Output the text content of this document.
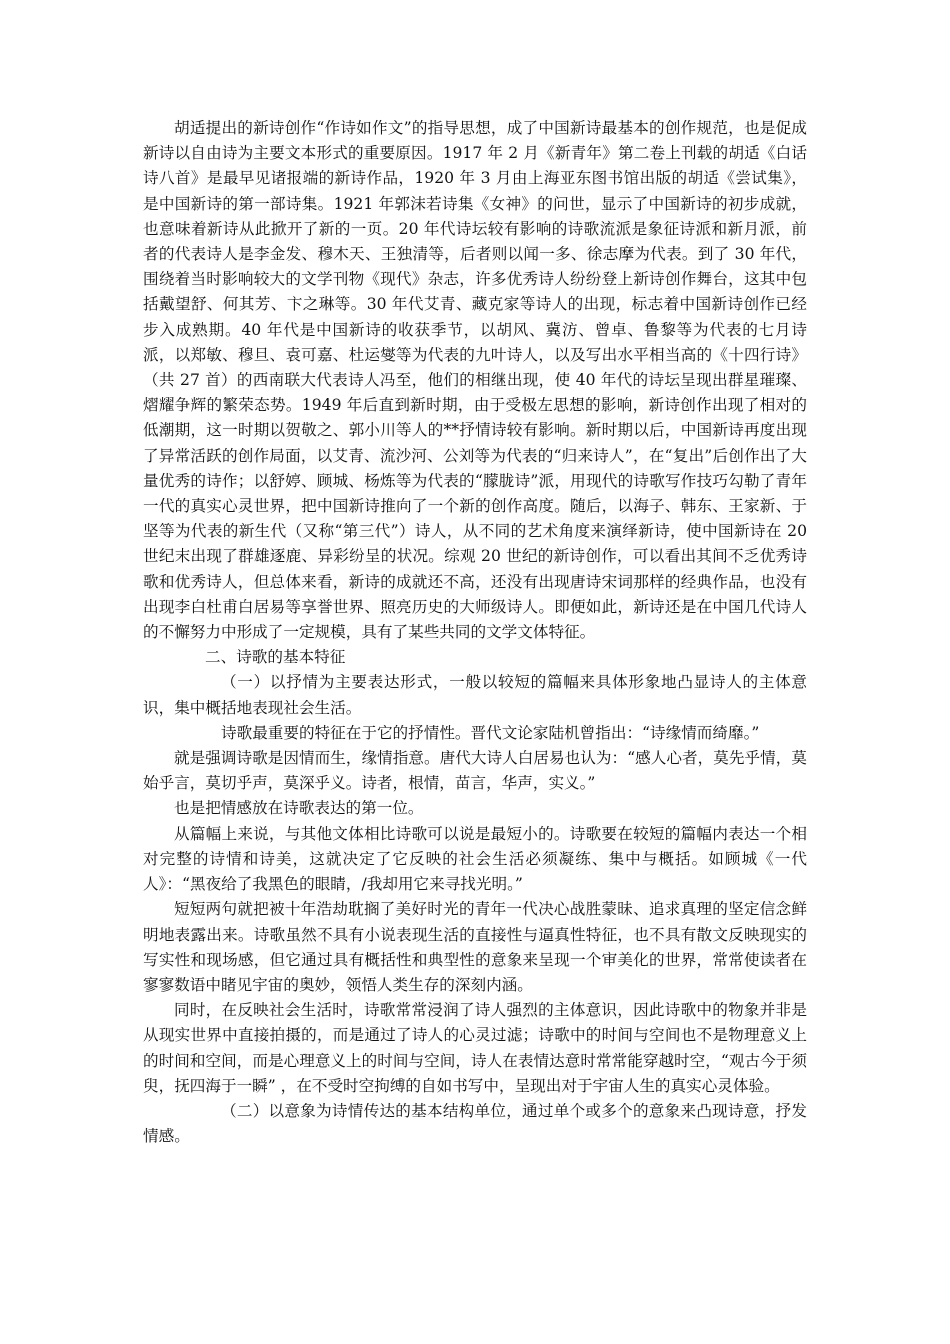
胡适提出的新诗创作“作诗如作文”的指导思想，成了中国新诗最基本的创作规范，也是促成新诗以自由诗为主要文本形式的重要原因。1917 年 2 月《新青年》第二卷上刊载的胡适《白话诗八首》是最早见诸报端的新诗作品，1920 年 3 月由上海亚东图书馆出版的胡适《尝试集》，是中国新诗的第一部诗集。1921 年郭沫若诗集《女神》的问世，显示了中国新诗的初步成就，也意味着新诗从此掀开了新的一页。20 年代诗坛较有影响的诗歌流派是象征诗派和新月派，前者的代表诗人是李金发、穆木天、王独清等，后者则以闻一多、徐志摩为代表。到了 30 年代，围绕着当时影响较大的文学刊物《现代》杂志，许多优秀诗人纷纷登上新诗创作舞台，这其中包括戴望舒、何其芳、卞之琳等。30 年代艾青、藏克家等诗人的出现，标志着中国新诗创作已经步入成熟期。40 年代是中国新诗的收获季节，以胡风、冀汸、曾卓、鲁黎等为代表的七月诗派，以郑敏、穆旦、袁可嘉、杜运燮等为代表的九叶诗人，以及写出水平相当高的《十四行诗》（共 27 首）的西南联大代表诗人冯至，他们的相继出现，使 40 年代的诗坛呈现出群星璀璨、熠耀争辉的繁荣态势。1949 年后直到新时期，由于受极左思想的影响，新诗创作出现了相对的低潮期，这一时期以贺敬之、郭小川等人的**抒情诗较有影响。新时期以后，中国新诗再度出现了异常活跃的创作局面，以艾青、流沙河、公刘等为代表的“归来诗人”，在“复出”后创作出了大量优秀的诗作；以舒婷、顾城、杨炼等为代表的“朦胧诗”派，用现代的诗歌写作技巧勾勒了青年一代的真实心灵世界，把中国新诗推向了一个新的创作高度。随后，以海子、韩东、王家新、于坚等为代表的新生代（又称“第三代”）诗人，从不同的艺术角度来演绎新诗，使中国新诗在 20 世纪末出现了群雄逐鹿、异彩纷呈的状况。综观 20 世纪的新诗创作，可以看出其间不乏优秀诗歌和优秀诗人，但总体来看，新诗的成就还不高，还没有出现唐诗宋词那样的经典作品，也没有出现李白杜甫白居易等享誉世界、照亮历史的大师级诗人。即便如此，新诗还是在中国几代诗人的不懈努力中形成了一定规模，具有了某些共同的文学文体特征。

二、诗歌的基本特征

（一）以抒情为主要表达形式，一般以较短的篇幅来具体形象地凸显诗人的主体意识，集中概括地表现社会生活。

诗歌最重要的特征在于它的抒情性。晋代文论家陆机曾指出：“诗缘情而绮靡。”

就是强调诗歌是因情而生，缘情指意。唐代大诗人白居易也认为：“感人心者，莫先乎情，莫始乎言，莫切乎声，莫深乎义。诗者，根情，苗言，华声，实义。”

也是把情感放在诗歌表达的第一位。

从篇幅上来说，与其他文体相比诗歌可以说是最短小的。诗歌要在较短的篇幅内表达一个相对完整的诗情和诗美，这就决定了它反映的社会生活必须凝练、集中与概括。如顾城《一代人》：“黑夜给了我黑色的眼睛，/我却用它来寻找光明。”

短短两句就把被十年浩劫耽搁了美好时光的青年一代决心战胜蒙昧、追求真理的坚定信念鲜明地表露出来。诗歌虽然不具有小说表现生活的直接性与逼真性特征，也不具有散文反映现实的写实性和现场感，但它通过具有概括性和典型性的意象来呈现一个审美化的世界，常常使读者在寥寥数语中睹见宇宙的奥妙，领悟人类生存的深刻内涵。

同时，在反映社会生活时，诗歌常常浸润了诗人强烈的主体意识，因此诗歌中的物象并非是从现实世界中直接拍摄的，而是通过了诗人的心灵过滤；诗歌中的时间与空间也不是物理意义上的时间和空间，而是心理意义上的时间与空间，诗人在表情达意时常常能穿越时空，“观古今于须臾，抚四海于一瞬” ，在不受时空拘缚的自如书写中，呈现出对于宇宙人生的真实心灵体验。

（二）以意象为诗情传达的基本结构单位，通过单个或多个的意象来凸现诗意，抒发情感。
